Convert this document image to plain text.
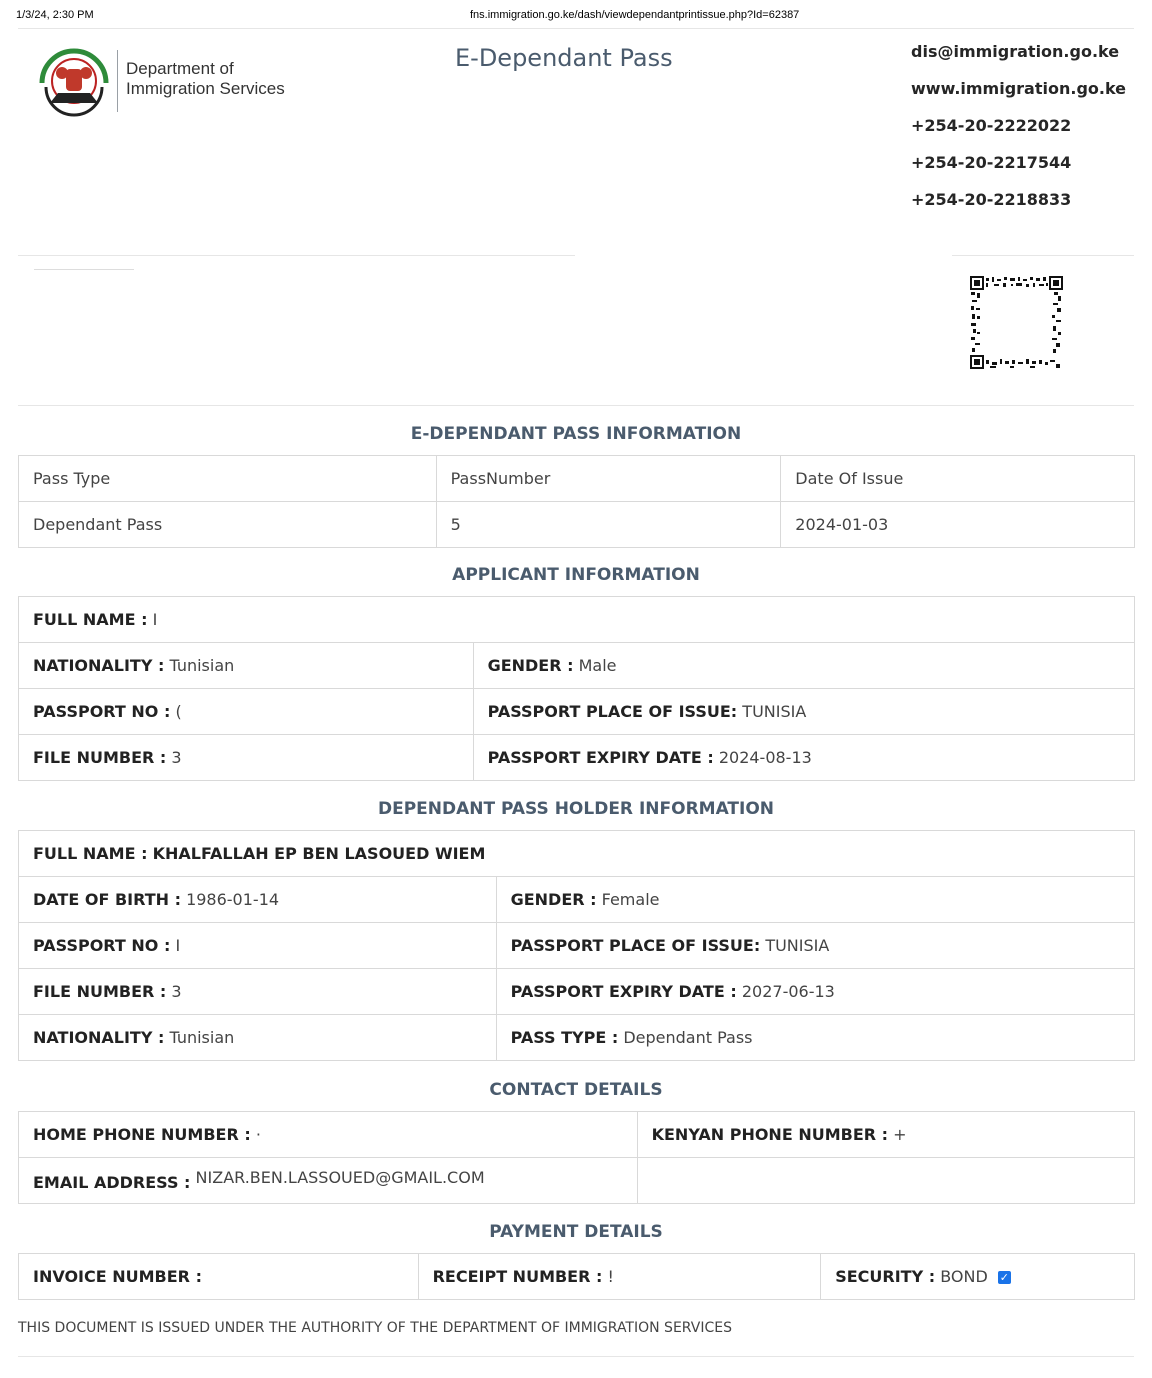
1/3/24, 2:30 PM	fns.immigration.go.ke/dash/viewdependantprintissue.php?Id=62387
Department of
Immigration Services
E-Dependant Pass	dis@immigration.go.ke
www.immigration.go.ke
+254-20-2222022
+254-20-2217544
+254-20-2218833
E-DEPENDANT PASS INFORMATION
Pass Type	PassNumber	Date Of Issue
Dependant Pass	5	2024-01-03
APPLICANT INFORMATION
FULL NAME : I	
NATIONALITY : Tunisian	GENDER : Male
PASSPORT NO : (	PASSPORT PLACE OF ISSUE: TUNISIA
FILE NUMBER : 3	PASSPORT EXPIRY DATE : 2024-08-13
DEPENDANT PASS HOLDER INFORMATION
FULL NAME : KHALFALLAH EP BEN LASOUED WIEM	
DATE OF BIRTH : 1986-01-14	GENDER : Female
PASSPORT NO : I	PASSPORT PLACE OF ISSUE: TUNISIA
FILE NUMBER : 3	PASSPORT EXPIRY DATE : 2027-06-13
NATIONALITY : Tunisian	PASS TYPE : Dependant Pass
CONTACT DETAILS
HOME PHONE NUMBER : ·	KENYAN PHONE NUMBER : +
EMAIL ADDRESS : NIZAR.BEN.LASSOUED@GMAIL.COM	
PAYMENT DETAILS
INVOICE NUMBER :	RECEIPT NUMBER : !	SECURITY : BOND ✓
THIS DOCUMENT IS ISSUED UNDER THE AUTHORITY OF THE DEPARTMENT OF IMMIGRATION SERVICES
